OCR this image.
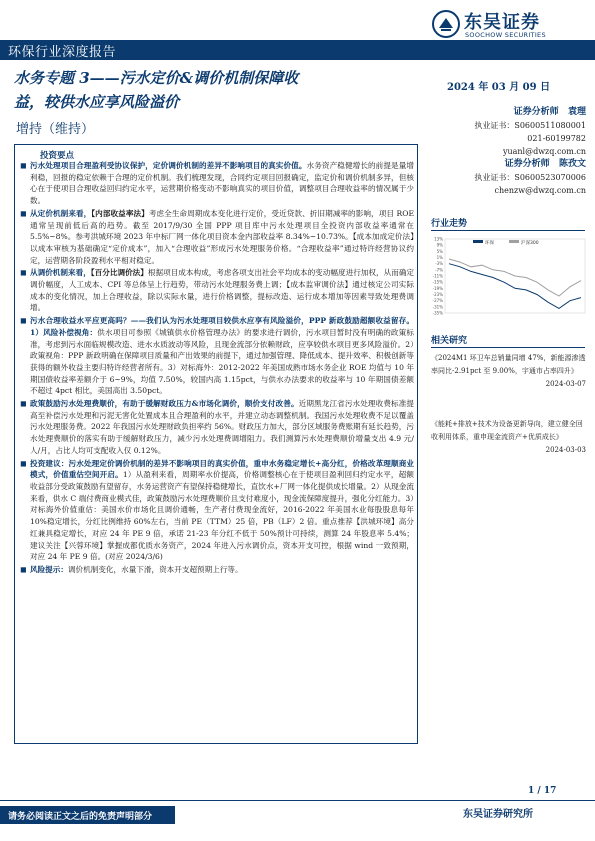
东吴证券
SOOCHOW SECURITIES
环保行业深度报告
水务专题 3——污水定价&调价机制保障收
益，较供水应享风险溢价
增持（维持）
2024 年 03 月 09 日
证券分析师 袁理
执业证书：S0600511080001
021-60199782
yuanl@dwzq.com.cn
证券分析师 陈孜文
执业证书：S0600523070006
chenzw@dwzq.com.cn
投资要点
◼ 污水处理项目合理盈利受协议保护，定价调价机制的差异不影响项目的真实价值。水务资产稳健增长的前提是量增利稳，回报的稳定依赖于合理的定价机制。我们梳理发现，合同约定项目回报确定，监定价和调价机制多异，但核心在于使项目合理收益回归约定水平，运营期价格变动不影响真实的项目价值，调整项目合理收益率的情况属于少数。
◼ 从定价机制来看，【内部收益率法】考虑全生命周期成本变化进行定价，受近贷款、折旧期减率的影响，项目 ROE 通常呈现前低后高的趋势。截至 2017/9/30 全国 PPP 项目库中污水处理项目全投资内部收益率通常在 5.5%~8%。参考洪城环境 2023 年中标厂网一体化项目资本金内部收益率 8.34%~10.73%。【成本加成定价法】以成本审核为基础确定“定价成本”，加入“合理收益”形成污水处理服务价格。“合理收益率”通过特许经营协议约定，运营期各阶段盈利水平相对稳定。
◼ 从调价机制来看，【百分比调价法】根据项目成本构成，考虑各项支出社会平均成本的变动幅度进行加权，从而确定调价幅度，人工成本、CPI 等总体呈上行趋势，带动污水处理服务费上调；【成本监审调价法】通过核定公司实际成本的变化情况，加上合理收益，除以实际水量，进行价格调整，提标改造、运行成本增加等因素导致处理费调增。
◼ 污水合理收益水平应更高吗？——我们认为污水处理项目较供水应享有风险溢价，PPP 新政鼓励超额收益留存。1）风险补偿视角：供水项目可参照《城镇供水价格管理办法》的要求进行调价，污水项目暂时没有明确的政策标准，考虑到污水面临规模改造、进水水质波动等风险，且现金流部分依赖财政，应享较供水项目更多风险溢价。2）政策视角：PPP 新政明确在保障项目质量和产出效果的前提下，通过加强管理、降低成本、提升效率、积极创新等获得的额外收益主要归特许经营者所有。3）对标海外：2012-2022 年美国成熟市场水务企业 ROE 均值与 10 年期国债收益率差额介于 6~9%，均值 7.50%，较国内高 1.15pct，与供水办法要求的收益率与 10 年期国债差额不超过 4pct 相比，美国高出 3.50pct。
◼ 政策鼓励污水处理费顺价，有助于缓解财政压力&市场化调价，顺价支付改善。近期黑龙江省污水处理收费标准提高至补偿污水处理和污泥无害化处置成本且合理盈利的水平，并建立动态调整机制。我国污水处理收费不足以覆盖污水处理服务费。2022 年我国污水处理财政负担率约 56%。财政压力加大，部分区域服务费账期有延长趋势，污水处理费顺价的落实有助于缓解财政压力，减少污水处理费调增阻力。我们测算污水处理费顺价增量支出 4.9 元/人/月，占比人均可支配收入仅 0.12%。
◼ 投资建议：污水处理定价调价机制的差异不影响项目的真实价值，重申水务稳定增长+高分红，价格改革理顺商业模式，价值重估空间开启。1）从盈利来看，周期率水价提高，价格调整核心在于使项目盈利回归约定水平，超额收益部分受政策鼓励有望留存，水务运营资产有望保持稳健增长，直饮水+厂网一体化提供成长增量。2）从现金流来看，供水 C 端付费商业模式佳，政策鼓励污水处理费顺价且支付难度小，现金流保障度提升，强化分红能力。3）对标海外价值重估：美国水价市场化且调价通畅，生产者付费现金流好，2016-2022 年美国水业每股股息每年 10%稳定增长，分红比例维持 60%左右，当前 PE（TTM）25 倍，PB（LF）2 倍。重点推荐【洪城环境】高分红兼具稳定增长，对应 24 年 PE 9 倍，承诺 21-23 年分红不低于 50%预计可持续，测算 24 年股息率 5.4%；建议关注【兴蓉环境】掌握成都优质水务资产，2024 年进入污水调价点，资本开支可控，根据 wind 一致预期，对应 24 年 PE 9 倍。(对应 2024/3/6)
◼ 风险提示：调价机制变化，水量下滑，资本开支超预期上行等。
行业走势
13%
9%
5%
1%
-3%
-7%
-11%
-15%
-19%
-23%
-27%
-31%
-35%
环保	沪深300
相关研究
《2024M1 环卫车总销量同增 47%，新能源渗透率同比-2.91pct 至 9.00%，宇通市占率四升》
2024-03-07
《能耗+排放+技术为设备更新导向，建立健全回收利用体系，重申现金流资产+优质成长》
2024-03-03
1 / 17
请务必阅读正文之后的免责声明部分	东吴证券研究所
